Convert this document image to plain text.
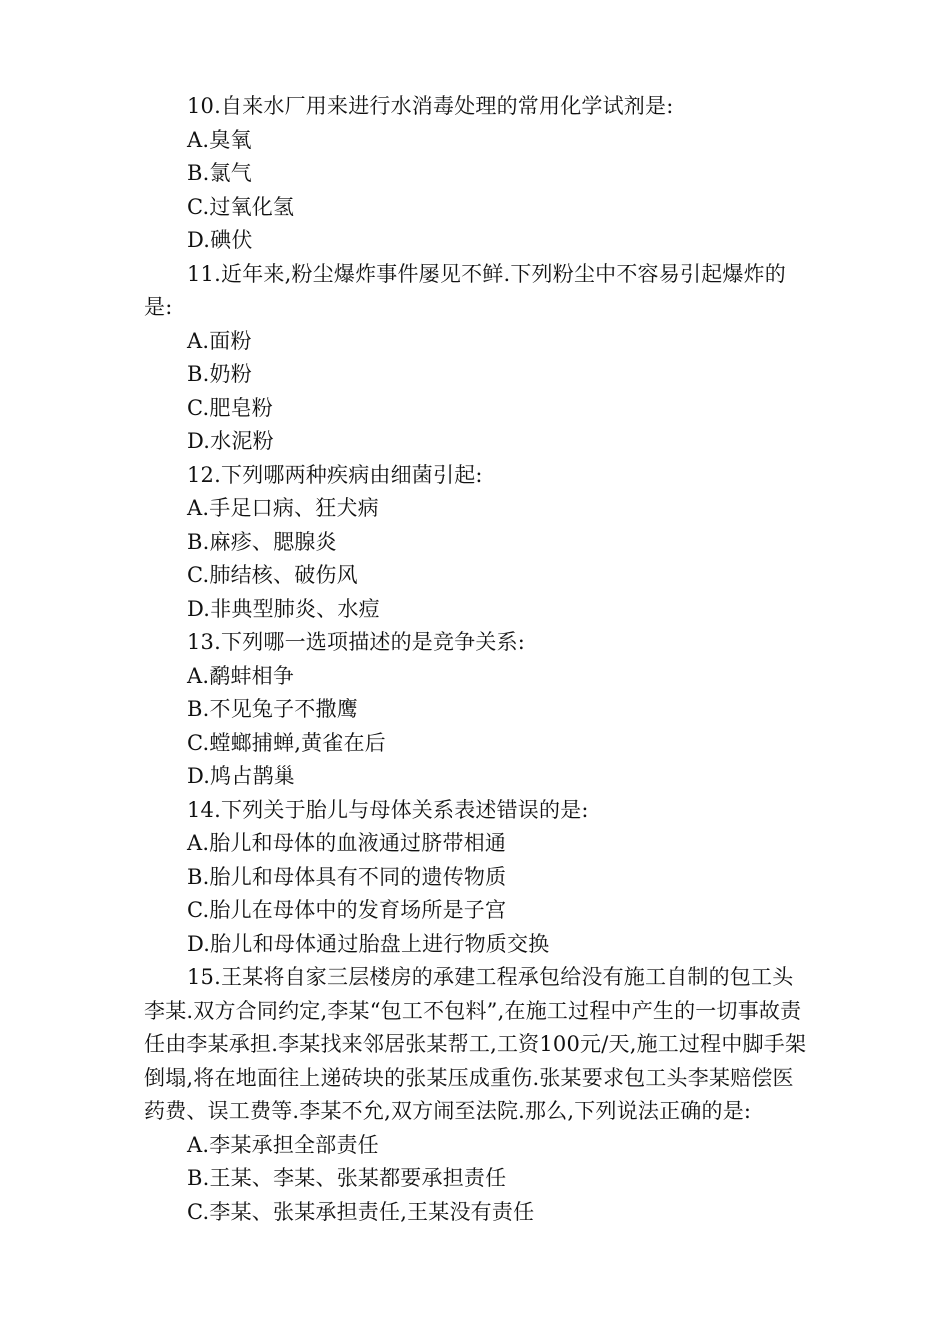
10.自来水厂用来进行水消毒处理的常用化学试剂是:

A.臭氧

B.氯气

C.过氧化氢

D.碘伏

11.近年来,粉尘爆炸事件屡见不鲜.下列粉尘中不容易引起爆炸的是:

A.面粉

B.奶粉

C.肥皂粉

D.水泥粉

12.下列哪两种疾病由细菌引起:

A.手足口病、狂犬病

B.麻疹、腮腺炎

C.肺结核、破伤风

D.非典型肺炎、水痘

13.下列哪一选项描述的是竞争关系:

A.鹬蚌相争

B.不见兔子不撒鹰

C.螳螂捕蝉,黄雀在后

D.鸠占鹊巢

14.下列关于胎儿与母体关系表述错误的是:

A.胎儿和母体的血液通过脐带相通

B.胎儿和母体具有不同的遗传物质

C.胎儿在母体中的发育场所是子宫

D.胎儿和母体通过胎盘上进行物质交换

15.王某将自家三层楼房的承建工程承包给没有施工自制的包工头李某.双方合同约定,李某“包工不包料”,在施工过程中产生的一切事故责任由李某承担.李某找来邻居张某帮工,工资100元/天,施工过程中脚手架倒塌,将在地面往上递砖块的张某压成重伤.张某要求包工头李某赔偿医药费、误工费等.李某不允,双方闹至法院.那么,下列说法正确的是:

A.李某承担全部责任

B.王某、李某、张某都要承担责任

C.李某、张某承担责任,王某没有责任
